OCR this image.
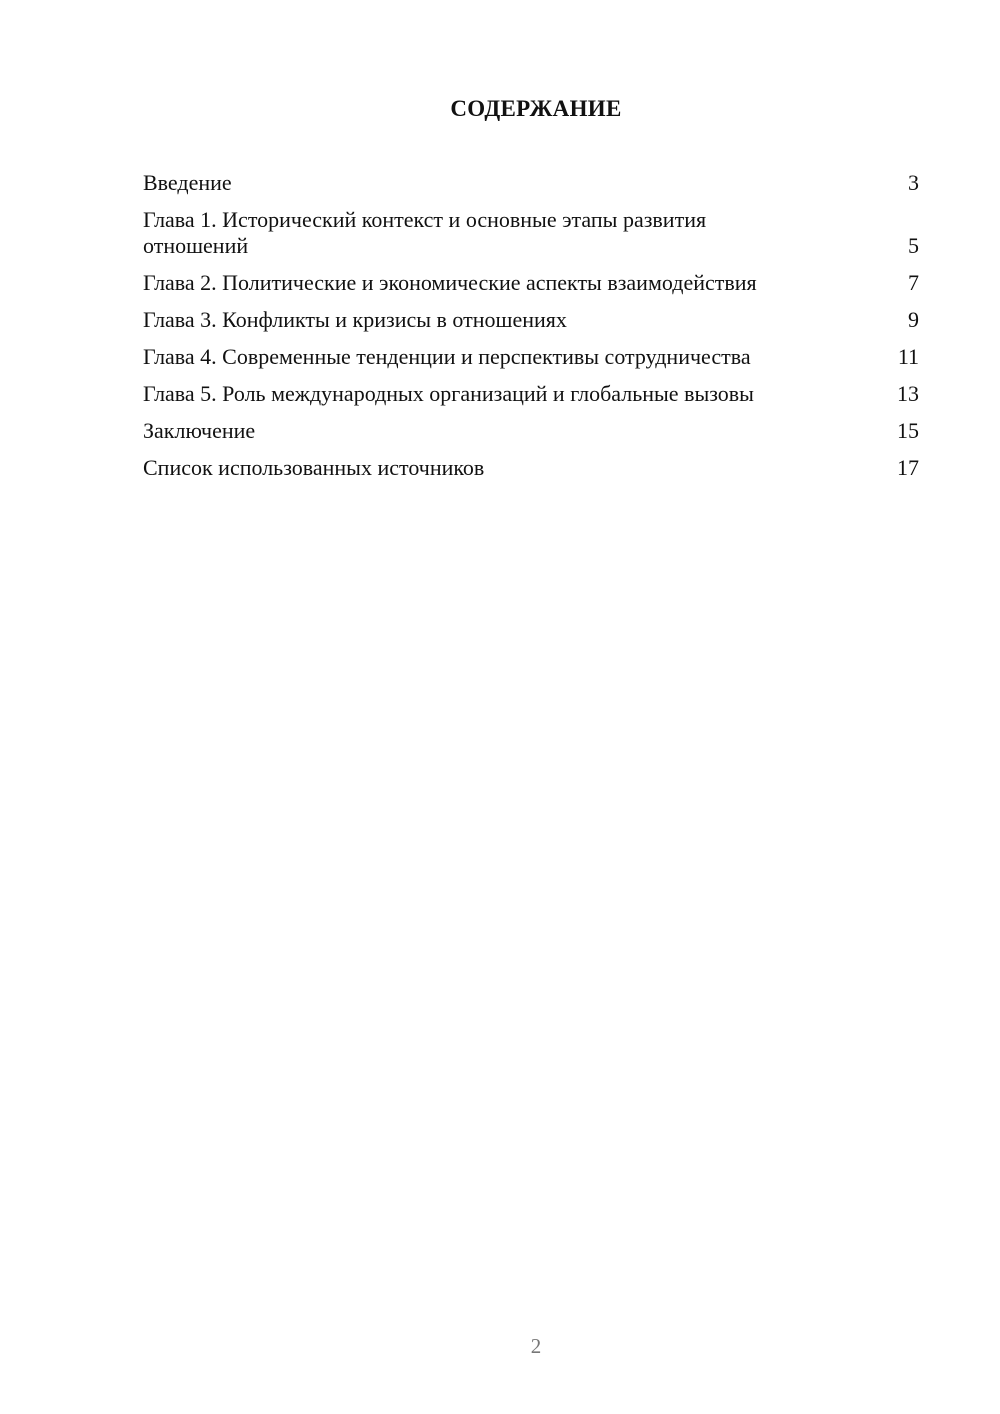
СОДЕРЖАНИЕ
Введение	3
Глава 1. Исторический контекст и основные этапы развития отношений	5
Глава 2. Политические и экономические аспекты взаимодействия	7
Глава 3. Конфликты и кризисы в отношениях	9
Глава 4. Современные тенденции и перспективы сотрудничества	11
Глава 5. Роль международных организаций и глобальные вызовы	13
Заключение	15
Список использованных источников	17
2
